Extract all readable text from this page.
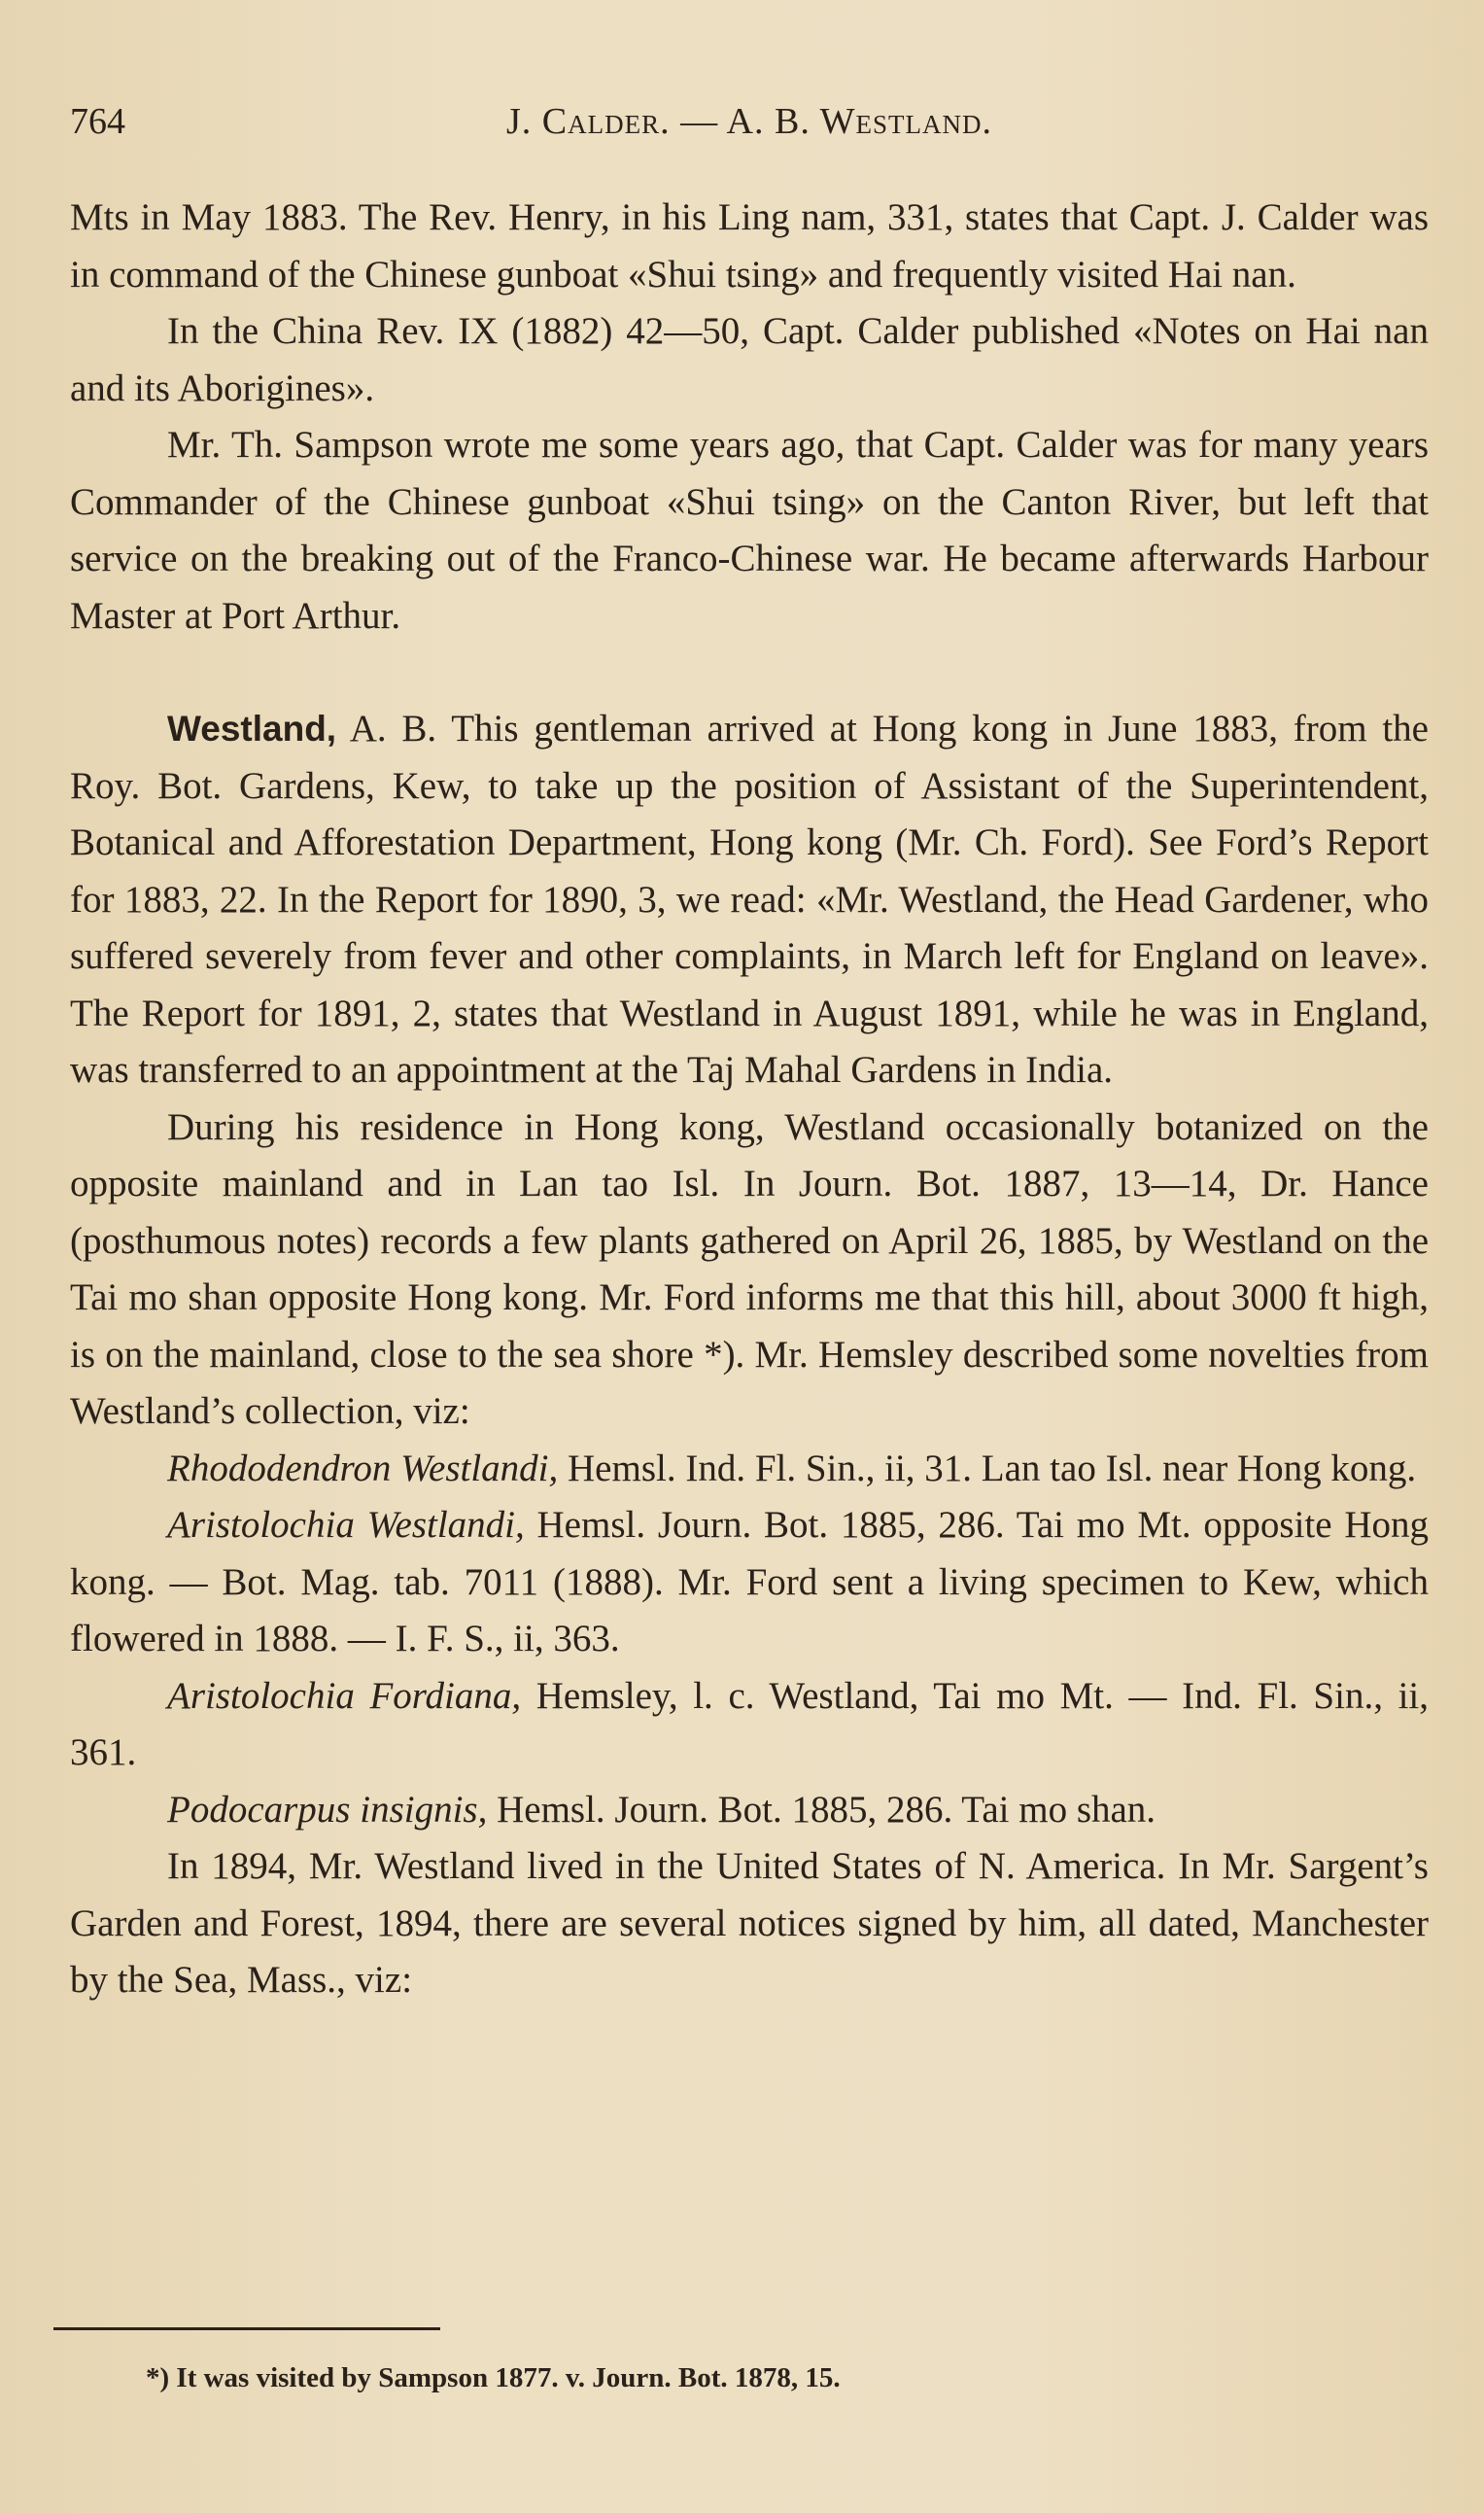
764	J. Calder. — A. B. Westland.

Mts in May 1883. The Rev. Henry, in his Ling nam, 331, states that Capt. J. Calder was in command of the Chinese gunboat «Shui tsing» and frequently visited Hai nan.

In the China Rev. IX (1882) 42—50, Capt. Calder published «Notes on Hai nan and its Aborigines».

Mr. Th. Sampson wrote me some years ago, that Capt. Calder was for many years Commander of the Chinese gunboat «Shui tsing» on the Canton River, but left that service on the breaking out of the Franco-Chinese war. He became afterwards Harbour Master at Port Arthur.

Westland, A. B. This gentleman arrived at Hong kong in June 1883, from the Roy. Bot. Gardens, Kew, to take up the position of Assistant of the Superintendent, Botanical and Afforestation Department, Hong kong (Mr. Ch. Ford). See Ford’s Report for 1883, 22. In the Report for 1890, 3, we read: «Mr. Westland, the Head Gardener, who suffered severely from fever and other complaints, in March left for England on leave». The Report for 1891, 2, states that Westland in August 1891, while he was in England, was transferred to an appointment at the Taj Mahal Gardens in India.

During his residence in Hong kong, Westland occasionally botanized on the opposite mainland and in Lan tao Isl. In Journ. Bot. 1887, 13—14, Dr. Hance (posthumous notes) records a few plants gathered on April 26, 1885, by Westland on the Tai mo shan opposite Hong kong. Mr. Ford informs me that this hill, about 3000 ft high, is on the mainland, close to the sea shore *). Mr. Hemsley described some novelties from Westland’s collection, viz:

Rhododendron Westlandi, Hemsl. Ind. Fl. Sin., ii, 31. Lan tao Isl. near Hong kong.

Aristolochia Westlandi, Hemsl. Journ. Bot. 1885, 286. Tai mo Mt. opposite Hong kong. — Bot. Mag. tab. 7011 (1888). Mr. Ford sent a living specimen to Kew, which flowered in 1888. — I. F. S., ii, 363.

Aristolochia Fordiana, Hemsley, l. c. Westland, Tai mo Mt. — Ind. Fl. Sin., ii, 361.

Podocarpus insignis, Hemsl. Journ. Bot. 1885, 286. Tai mo shan.

In 1894, Mr. Westland lived in the United States of N. America. In Mr. Sargent’s Garden and Forest, 1894, there are several notices signed by him, all dated, Manchester by the Sea, Mass., viz:

*) It was visited by Sampson 1877. v. Journ. Bot. 1878, 15.
